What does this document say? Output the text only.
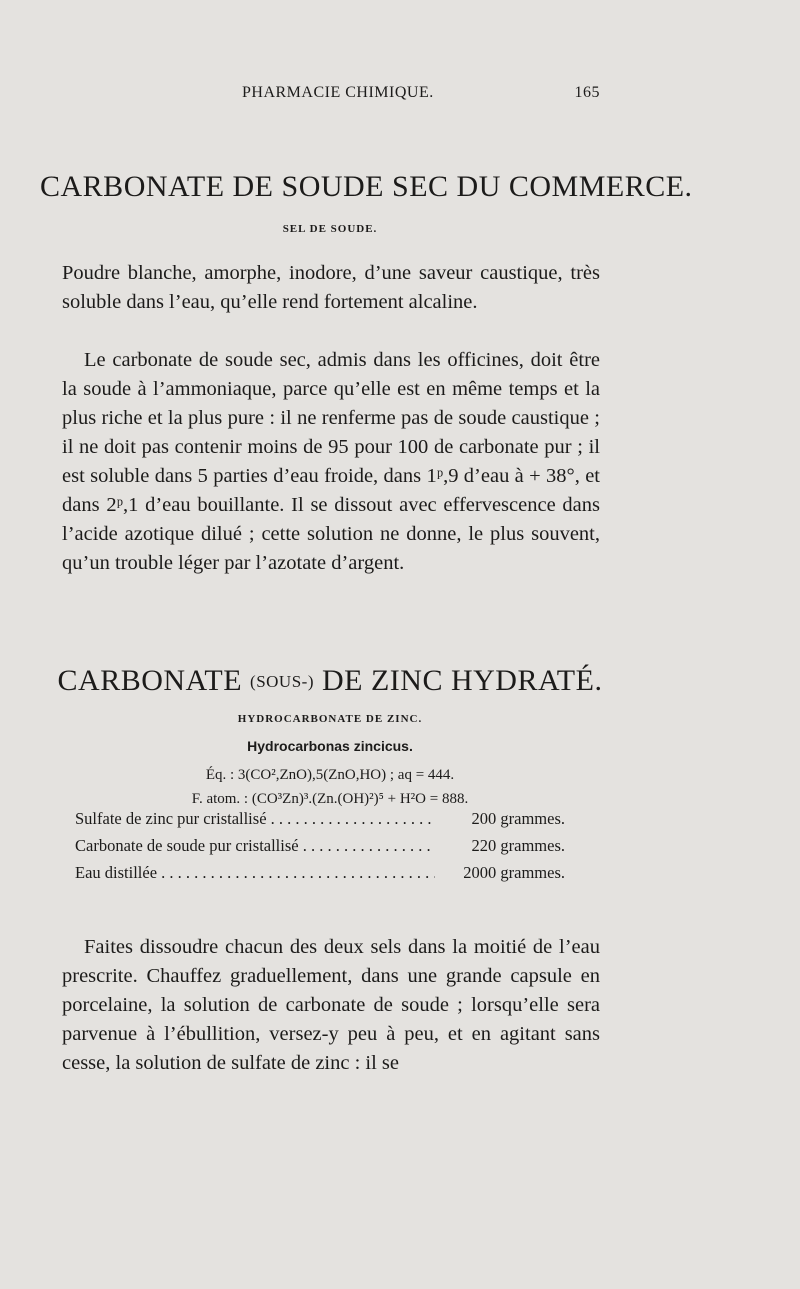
PHARMACIE CHIMIQUE.	165
CARBONATE DE SOUDE SEC DU COMMERCE.
SEL DE SOUDE.

Poudre blanche, amorphe, inodore, d’une saveur caustique, très soluble dans l’eau, qu’elle rend fortement alcaline.

Le carbonate de soude sec, admis dans les officines, doit être la soude à l’ammoniaque, parce qu’elle est en même temps et la plus riche et la plus pure : il ne renferme pas de soude caustique ; il ne doit pas contenir moins de 95 pour 100 de carbonate pur ; il est soluble dans 5 parties d’eau froide, dans 1ᵖ,9 d’eau à + 38°, et dans 2ᵖ,1 d’eau bouillante. Il se dissout avec effervescence dans l’acide azotique dilué ; cette solution ne donne, le plus souvent, qu’un trouble léger par l’azotate d’argent.

CARBONATE (SOUS-) DE ZINC HYDRATÉ.
HYDROCARBONATE DE ZINC.
Hydrocarbonas zincicus.
Éq. : 3(CO²,ZnO),5(ZnO,HO) ; aq = 444.
F. atom. : (CO³Zn)³.(Zn.(OH)²)⁵ + H²O = 888.
Sulfate de zinc pur cristallisé . . .	200 grammes.
Carbonate de soude pur cristallisé . . .	220 grammes.
Eau distillée . . .	2000 grammes.

Faites dissoudre chacun des deux sels dans la moitié de l’eau prescrite. Chauffez graduellement, dans une grande capsule en porcelaine, la solution de carbonate de soude ; lorsqu’elle sera parvenue à l’ébullition, versez-y peu à peu, et en agitant sans cesse, la solution de sulfate de zinc : il se
